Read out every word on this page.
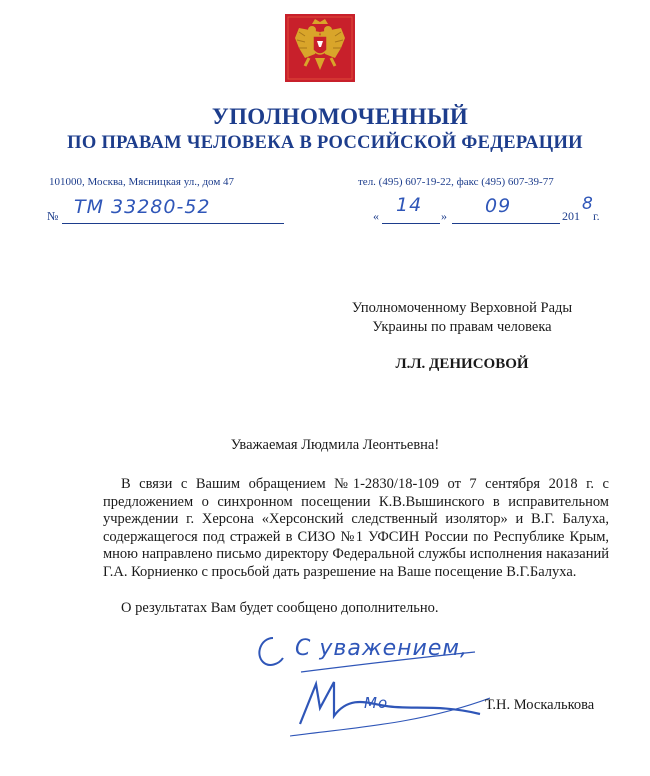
УПОЛНОМОЧЕННЫЙ
ПО ПРАВАМ ЧЕЛОВЕКА В РОССИЙСКОЙ ФЕДЕРАЦИИ
101000, Москва, Мясницкая ул., дом 47	тел. (495) 607-19-22, факс (495) 607-39-77
№ ТМ 33280-52	« 14 » 09	201
8
г.
Уполномоченному Верховной Рады
Украины по правам человека
Л.Л. ДЕНИСОВОЙ
Уважаемая Людмила Леонтьевна!
В связи с Вашим обращением №1-2830/18-109 от 7 сентября 2018 г. с предложением о синхронном посещении К.В.Вышинского в исправительном учреждении г. Херсона «Херсонский следственный изолятор» и В.Г. Балуха, содержащегося под стражей в СИЗО №1 УФСИН России по Республике Крым, мною направлено письмо директору Федеральной службы исполнения наказаний Г.А. Корниенко с просьбой дать разрешение на Ваше посещение В.Г.Балуха.
О результатах Вам будет сообщено дополнительно.
С уважением,
Мо	Т.Н. Москалькова
